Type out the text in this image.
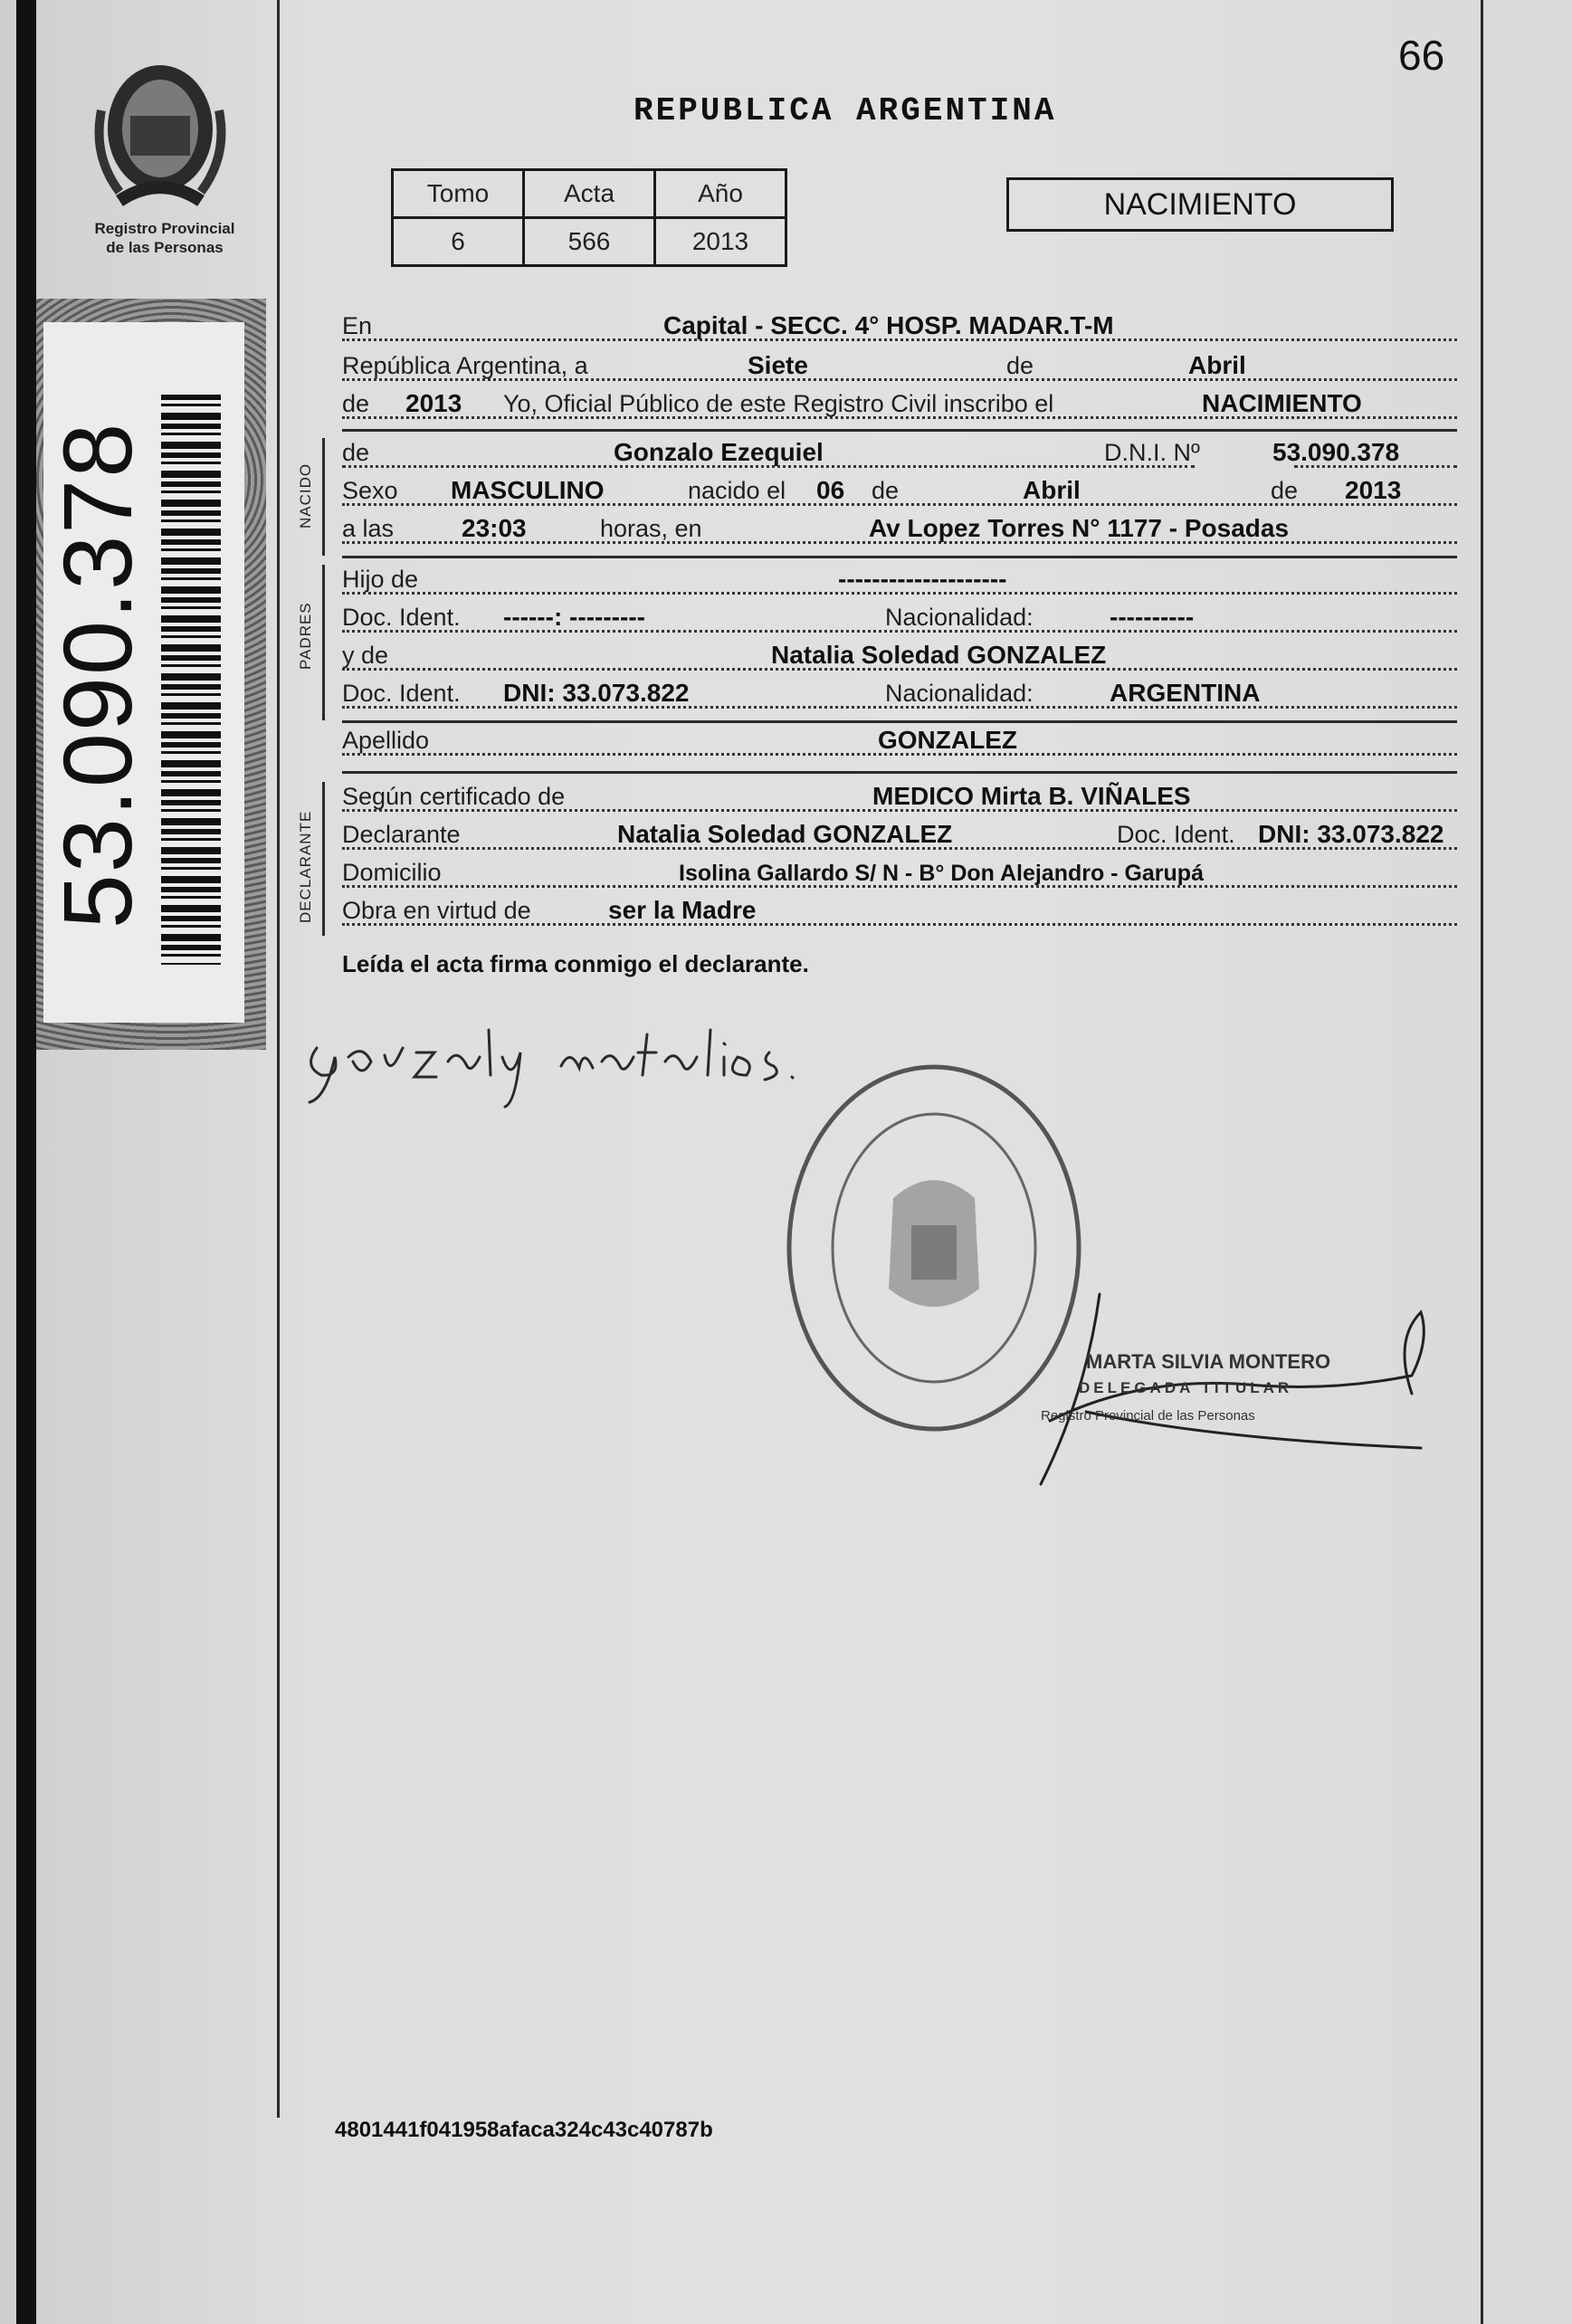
66
Registro Provincial
de las Personas
REPUBLICA ARGENTINA
Tomo	Acta	Año
6	566	2013
NACIMIENTO
53.090.378
En	Capital - SECC. 4° HOSP. MADAR.T-M
República Argentina, a	Siete	de	Abril
de 2013 Yo, Oficial Público de este Registro Civil inscribo el	NACIMIENTO
NACIDO
de	Gonzalo Ezequiel	D.N.I. Nº	53.090.378
Sexo MASCULINO	nacido el 06 de	Abril	de 2013
a las	23:03	horas, en	Av Lopez Torres N° 1177 - Posadas
PADRES
Hijo de	--------------------
Doc. Ident. ------: ---------	Nacionalidad:	----------
y de	Natalia Soledad GONZALEZ
Doc. Ident. DNI: 33.073.822	Nacionalidad:	ARGENTINA
Apellido	GONZALEZ
DECLARANTE
Según certificado de	MEDICO Mirta B. VIÑALES
Declarante	Natalia Soledad GONZALEZ	Doc. Ident. DNI: 33.073.822
Domicilio	Isolina Gallardo S/ N - B° Don Alejandro - Garupá
Obra en virtud de	ser la Madre
Leída el acta firma conmigo el declarante.
MARTA SILVIA MONTERO
DELEGADA TITULAR
Registro Provincial de las Personas
4801441f041958afaca324c43c40787b
